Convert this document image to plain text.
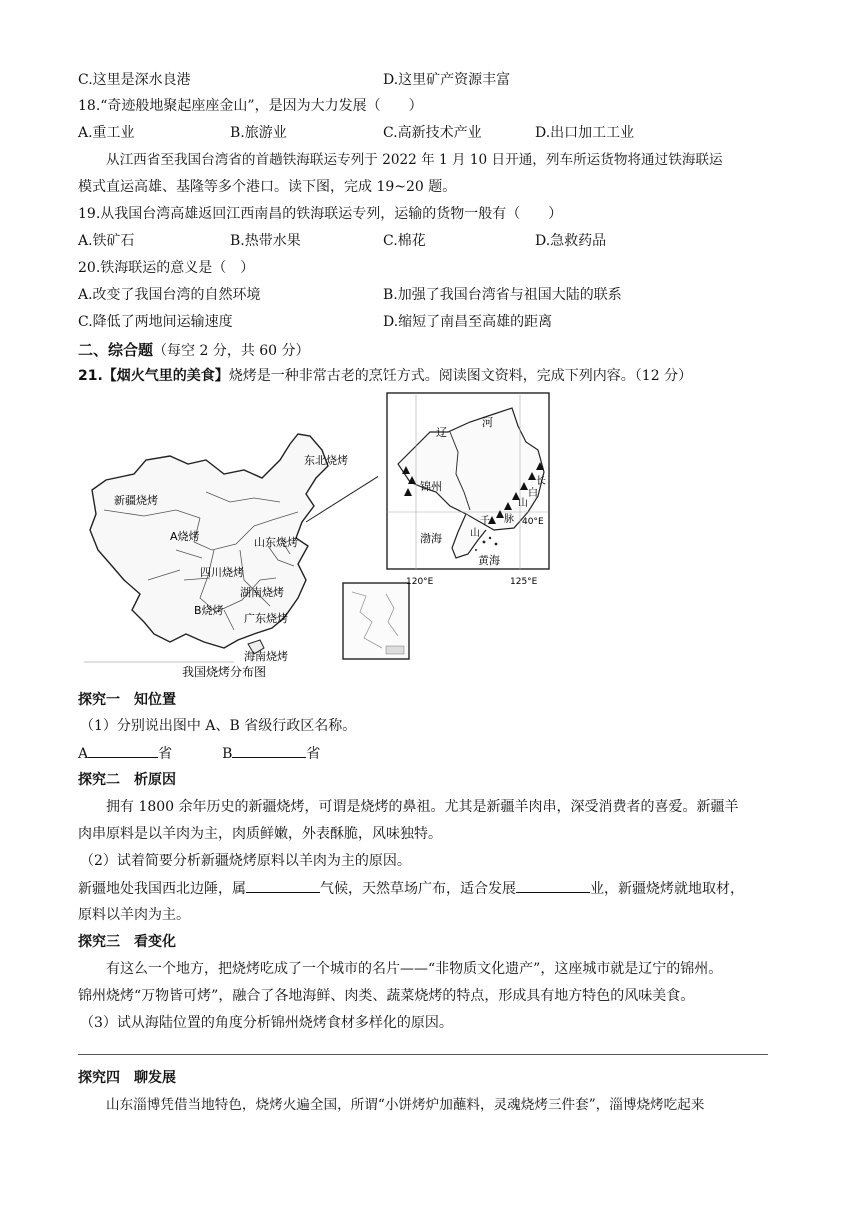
C.这里是深水良港	D.这里矿产资源丰富
18.“奇迹般地聚起座座金山”，是因为大力发展（　　）
A.重工业	B.旅游业	C.高新技术产业	D.出口加工工业
从江西省至我国台湾省的首趟铁海联运专列于 2022 年 1 月 10 日开通，列车所运货物将通过铁海联运
模式直运高雄、基隆等多个港口。读下图，完成 19~20 题。
19.从我国台湾高雄返回江西南昌的铁海联运专列，运输的货物一般有（　　）
A.铁矿石	B.热带水果	C.棉花	D.急救药品
20.铁海联运的意义是（　）
A.改变了我国台湾的自然环境	B.加强了我国台湾省与祖国大陆的联系
C.降低了两地间运输速度	D.缩短了南昌至高雄的距离
二、综合题（每空 2 分，共 60 分）
21.【烟火气里的美食】烧烤是一种非常古老的烹饪方式。阅读图文资料，完成下列内容。（12 分）
东北烧烤
新疆烧烤
A烧烤	山东烧烤
四川烧烤
湖南烧烤
B烧烤
广东烧烤
海南烧烤
我国烧烤分布图
辽
河
锦州	长
白
山
脉
千
山
渤海
黄海
40°E
120°E	125°E
探究一　知位置
（1）分别说出图中 A、B 省级行政区名称。
A	省	B	省
探究二　析原因
拥有 1800 余年历史的新疆烧烤，可谓是烧烤的鼻祖。尤其是新疆羊肉串，深受消费者的喜爱。新疆羊
肉串原料是以羊肉为主，肉质鲜嫩，外表酥脆，风味独特。
（2）试着简要分析新疆烧烤原料以羊肉为主的原因。
新疆地处我国西北边陲，属	气候，天然草场广布，适合发展	业，新疆烧烤就地取材，
原料以羊肉为主。
探究三　看变化
有这么一个地方，把烧烤吃成了一个城市的名片——“非物质文化遗产”，这座城市就是辽宁的锦州。
锦州烧烤“万物皆可烤”，融合了各地海鲜、肉类、蔬菜烧烤的特点，形成具有地方特色的风味美食。
（3）试从海陆位置的角度分析锦州烧烤食材多样化的原因。
探究四　聊发展
山东淄博凭借当地特色，烧烤火遍全国，所谓“小饼烤炉加蘸料，灵魂烧烤三件套”，淄博烧烤吃起来
